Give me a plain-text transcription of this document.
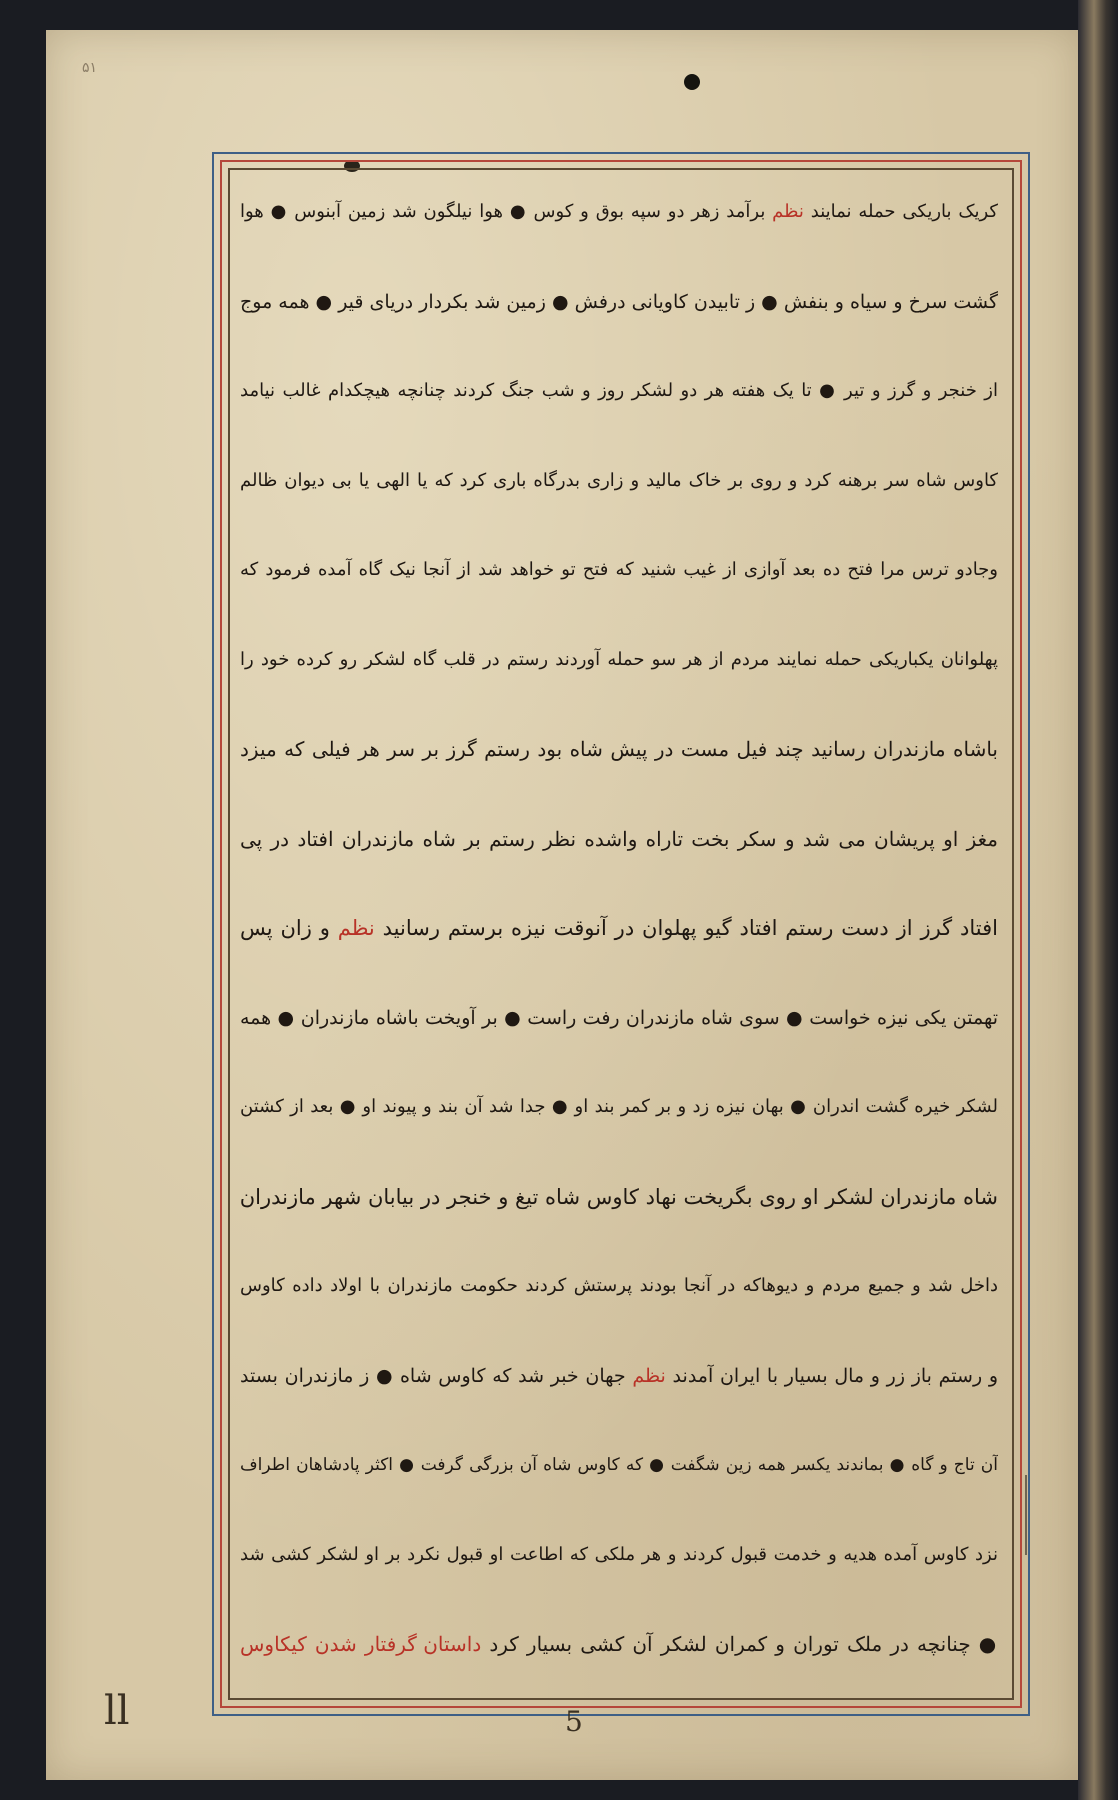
۵۱
کریک باریکی حمله نمایند نظم برآمد زهر دو سپه بوق و کوس ● هوا نیلگون شد زمین آبنوس ● هوا
گشت سرخ و سیاه و بنفش ● ز تابیدن کاویانی درفش ● زمین شد بکردار دریای قیر ● همه موج
از خنجر و گرز و تیر ● تا یک هفته هر دو لشکر روز و شب جنگ کردند چنانچه هیچکدام غالب نیامد
کاوس شاه سر برهنه کرد و روی بر خاک مالید و زاری بدرگاه باری کرد که یا الهی یا بی دیوان ظالم
وجادو ترس مرا فتح ده بعد آوازی از غیب شنید که فتح تو خواهد شد از آنجا نیک گاه آمده فرمود که
پهلوانان یکباریکی حمله نمایند مردم از هر سو حمله آوردند رستم در قلب گاه لشکر رو کرده خود را
باشاه مازندران رسانید چند فیل مست در پیش شاه بود رستم گرز بر سر هر فیلی که میزد
مغز او پریشان می شد و سکر بخت تاراه واشده نظر رستم بر شاه مازندران افتاد در پی
افتاد گرز از دست رستم افتاد گیو پهلوان در آنوقت نیزه برستم رسانید نظم و زان پس
تهمتن یکی نیزه خواست ● سوی شاه مازندران رفت راست ● بر آویخت باشاه مازندران ● همه
لشکر خیره گشت اندران ● بهان نیزه زد و بر کمر بند او ● جدا شد آن بند و پیوند او ● بعد از کشتن
شاه مازندران لشکر او روی بگریخت نهاد کاوس شاه تیغ و خنجر در بیابان شهر مازندران
داخل شد و جمیع مردم و دیوهاکه در آنجا بودند پرستش کردند حکومت مازندران با اولاد داده کاوس
و رستم باز زر و مال بسیار با ایران آمدند نظم جهان خبر شد که کاوس شاه ● ز مازندران بستد
آن تاج و گاه ● بماندند یکسر همه زین شگفت ● که کاوس شاه آن بزرگی گرفت ● اکثر پادشاهان اطراف
نزد کاوس آمده هدیه و خدمت قبول کردند و هر ملکی که اطاعت او قبول نکرد بر او لشکر کشی شد
● چنانچه در ملک توران و کمران لشکر آن کشی بسیار کرد داستان گرفتار شدن کیکاوس
ll	5
